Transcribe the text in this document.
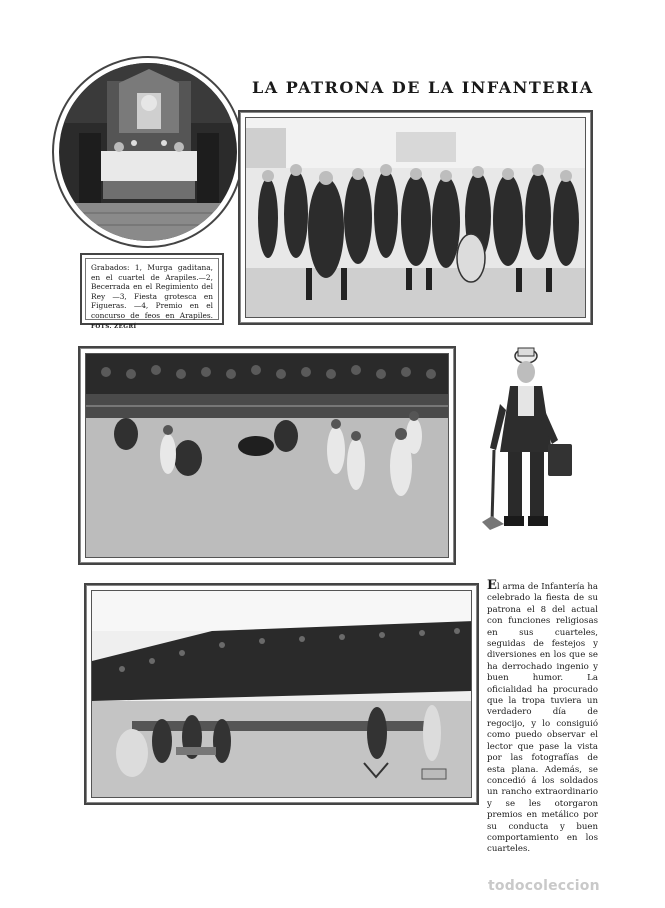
LA PATRONA DE LA INFANTERIA
Grabados: 1, Murga gaditana, en el cuartel de Arapiles.—2, Becerrada en el Regimiento del Rey —3, Fiesta grotesca en Figueras. —4, Premio en el concurso de feos en Arapiles. FOTS. ZEGRÍ

El arma de Infantería ha celebrado la fiesta de su patrona el 8 del actual con funciones religiosas en sus cuarteles, seguidas de festejos y diversiones en los que se ha derrochado ingenio y buen humor. La oficialidad ha procurado que la tropa tuviera un verdadero día de regocijo, y lo consiguió como puedo observar el lector que pase la vista por las fotografías de esta plana. Además, se concedió á los soldados un rancho extraordinario y se les otorgaron premios en metálico por su conducta y buen comportamiento en los cuarteles.

todocoleccion
